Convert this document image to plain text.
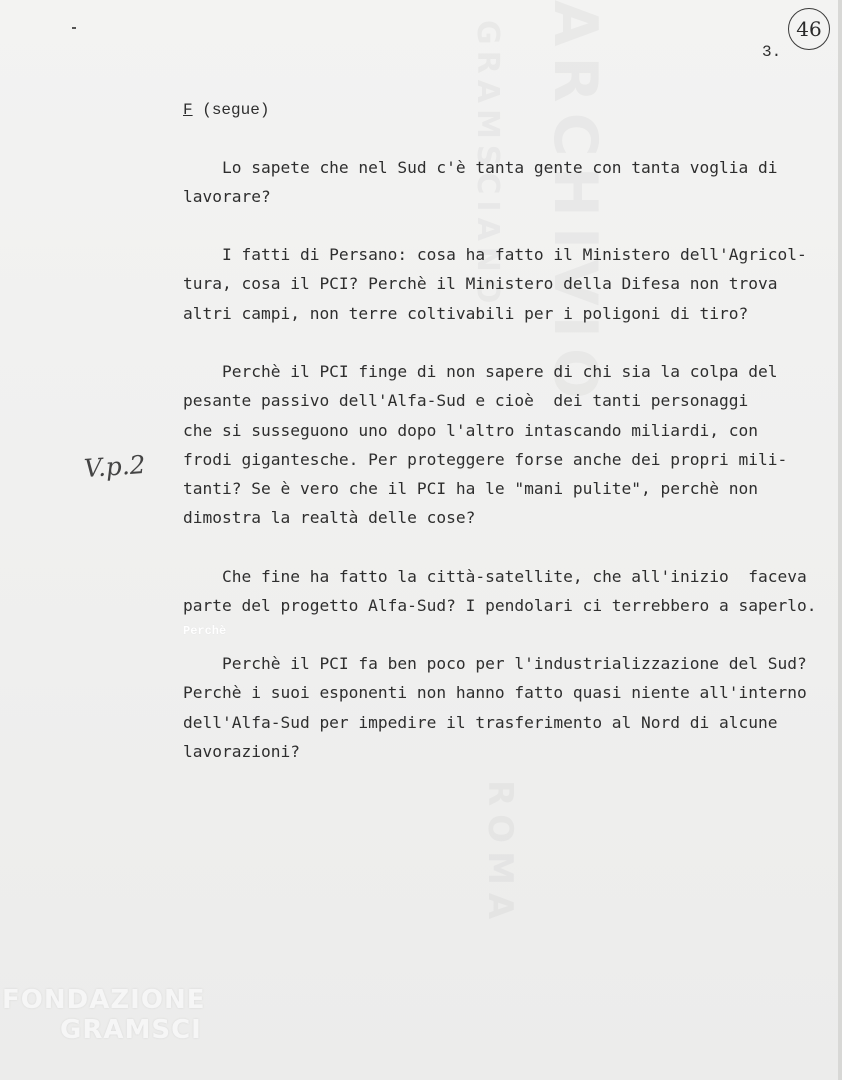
ARCHIVIO
GRAMSCIANO
ROMA
46
3.
F (segue)
Lo sapete che nel Sud c'è tanta gente con tanta voglia di
lavorare?
I fatti di Persano: cosa ha fatto il Ministero dell'Agricol-
tura, cosa il PCI? Perchè il Ministero della Difesa non trova
altri campi, non terre coltivabili per i poligoni di tiro?
Perchè il PCI finge di non sapere di chi sia la colpa del
pesante passivo dell'Alfa-Sud e cioè  dei tanti personaggi
che si susseguono uno dopo l'altro intascando miliardi, con
frodi gigantesche. Per proteggere forse anche dei propri mili-
tanti? Se è vero che il PCI ha le "mani pulite", perchè non
dimostra la realtà delle cose?
Che fine ha fatto la città-satellite, che all'inizio  faceva
parte del progetto Alfa-Sud? I pendolari ci terrebbero a saperlo.
Perchè
Perchè il PCI fa ben poco per l'industrializzazione del Sud?
Perchè i suoi esponenti non hanno fatto quasi niente all'interno
dell'Alfa-Sud per impedire il trasferimento al Nord di alcune
lavorazioni?
V.p.2
FONDAZIONE
GRAMSCI
